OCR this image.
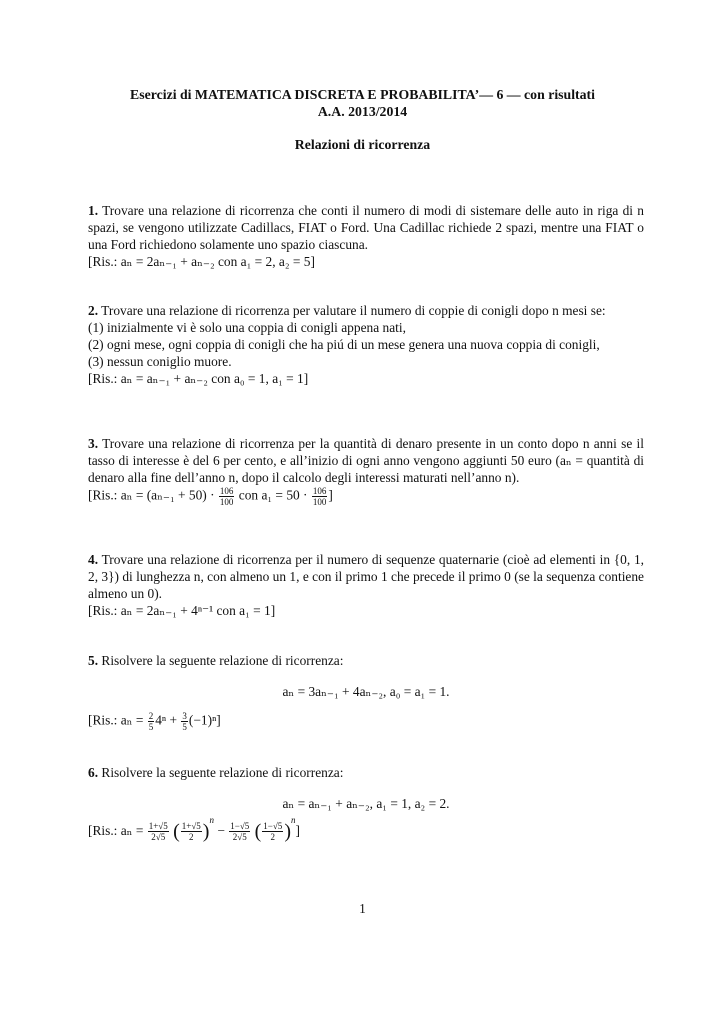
Esercizi di MATEMATICA DISCRETA E PROBABILITA’— 6 — con risultati
A.A. 2013/2014
Relazioni di ricorrenza

1. Trovare una relazione di ricorrenza che conti il numero di modi di sistemare delle auto in riga di n spazi, se vengono utilizzate Cadillacs, FIAT o Ford. Una Cadillac richiede 2 spazi, mentre una FIAT o una Ford richiedono solamente uno spazio ciascuna.

[Ris.: aₙ = 2aₙ₋₁ + aₙ₋₂ con a₁ = 2, a₂ = 5]

2. Trovare una relazione di ricorrenza per valutare il numero di coppie di conigli dopo n mesi se:

(1) inizialmente vi è solo una coppia di conigli appena nati,

(2) ogni mese, ogni coppia di conigli che ha piú di un mese genera una nuova coppia di conigli,

(3) nessun coniglio muore.

[Ris.: aₙ = aₙ₋₁ + aₙ₋₂ con a₀ = 1, a₁ = 1]

3. Trovare una relazione di ricorrenza per la quantità di denaro presente in un conto dopo n anni se il tasso di interesse è del 6 per cento, e all’inizio di ogni anno vengono aggiunti 50 euro (aₙ = quantità di denaro alla fine dell’anno n, dopo il calcolo degli interessi maturati nell’anno n).

[Ris.: $a_n = (a_{n-1} + 50) \cdot \frac{106}{100}$ con $a_1 = 50 \cdot \frac{106}{100}$ ]

4. Trovare una relazione di ricorrenza per il numero di sequenze quaternarie (cioè ad elementi in {0, 1, 2, 3}) di lunghezza n, con almeno un 1, e con il primo 1 che precede il primo 0 (se la sequenza contiene almeno un 0).

[Ris.: aₙ = 2aₙ₋₁ + 4ⁿ⁻¹ con a₁ = 1]

5. Risolvere la seguente relazione di ricorrenza:

aₙ = 3aₙ₋₁ + 4aₙ₋₂, a₀ = a₁ = 1.
[Ris.: $a_n = \frac{2}{5} 4^n + \frac{3}{5} (-1)^n$]

6. Risolvere la seguente relazione di ricorrenza:

aₙ = aₙ₋₁ + aₙ₋₂, a₁ = 1, a₂ = 2.
[Ris.: $a_n = \frac{1+√5}{2√5}$ ( $\frac{1+√5}{2} )^n - \frac{1-√5}{2√5}$ ( $\frac{1-√5}{2} )^n$]
1
